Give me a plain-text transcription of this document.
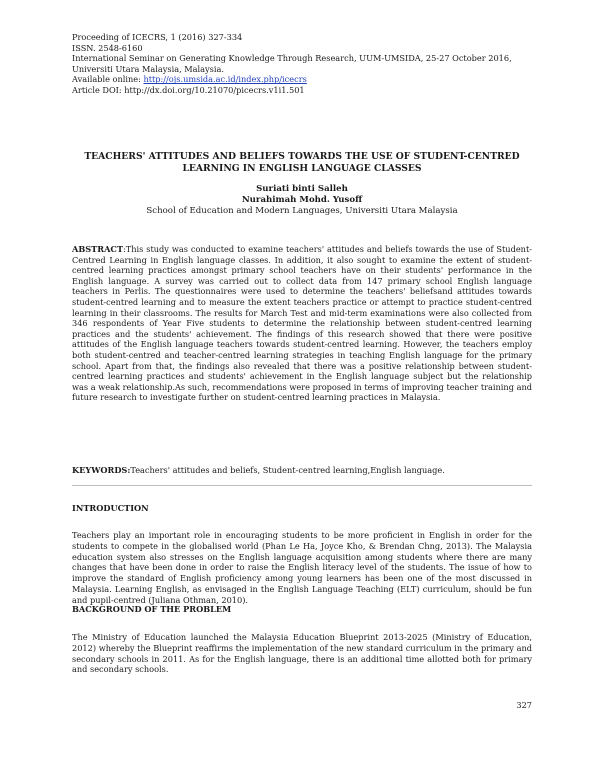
Proceeding of ICECRS, 1 (2016) 327-334
ISSN. 2548-6160
International Seminar on Generating Knowledge Through Research, UUM-UMSIDA, 25-27 October 2016,
Universiti Utara Malaysia, Malaysia.
Available online: http://ojs.umsida.ac.id/index.php/icecrs
Article DOI: http://dx.doi.org/10.21070/picecrs.v1i1.501
TEACHERS' ATTITUDES AND BELIEFS TOWARDS THE USE OF STUDENT-CENTRED LEARNING IN ENGLISH LANGUAGE CLASSES
Suriati binti Salleh
Nurahimah Mohd. Yusoff
School of Education and Modern Languages, Universiti Utara Malaysia
ABSTRACT:This study was conducted to examine teachers' attitudes and beliefs towards the use of Student-Centred Learning in English language classes. In addition, it also sought to examine the extent of student-centred learning practices amongst primary school teachers have on their students' performance in the English language. A survey was carried out to collect data from 147 primary school English language teachers in Perlis. The questionnaires were used to determine the teachers' beliefsand attitudes towards student-centred learning and to measure the extent teachers practice or attempt to practice student-centred learning in their classrooms. The results for March Test and mid-term examinations were also collected from 346 respondents of Year Five students to determine the relationship between student-centred learning practices and the students' achievement. The findings of this research showed that there were positive attitudes of the English language teachers towards student-centred learning. However, the teachers employ both student-centred and teacher-centred learning strategies in teaching English language for the primary school. Apart from that, the findings also revealed that there was a positive relationship between student-centred learning practices and students' achievement in the English language subject but the relationship was a weak relationship.As such, recommendations were proposed in terms of improving teacher training and future research to investigate further on student-centred learning practices in Malaysia.
KEYWORDS:Teachers' attitudes and beliefs, Student-centred learning,English language.
INTRODUCTION
Teachers play an important role in encouraging students to be more proficient in English in order for the students to compete in the globalised world (Phan Le Ha, Joyce Kho, & Brendan Chng, 2013). The Malaysia education system also stresses on the English language acquisition among students where there are many changes that have been done in order to raise the English literacy level of the students. The issue of how to improve the standard of English proficiency among young learners has been one of the most discussed in Malaysia. Learning English, as envisaged in the English Language Teaching (ELT) curriculum, should be fun and pupil-centred (Juliana Othman, 2010).
BACKGROUND OF THE PROBLEM
The Ministry of Education launched the Malaysia Education Blueprint 2013-2025 (Ministry of Education, 2012) whereby the Blueprint reaffirms the implementation of the new standard curriculum in the primary and secondary schools in 2011. As for the English language, there is an additional time allotted both for primary and secondary schools.
327
